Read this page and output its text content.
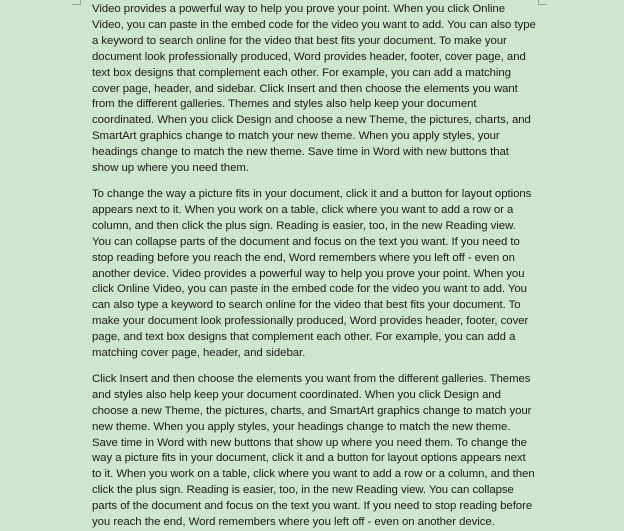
Video provides a powerful way to help you prove your point. When you click Online Video, you can paste in the embed code for the video you want to add. You can also type a keyword to search online for the video that best fits your document. To make your document look professionally produced, Word provides header, footer, cover page, and text box designs that complement each other. For example, you can add a matching cover page, header, and sidebar. Click Insert and then choose the elements you want from the different galleries. Themes and styles also help keep your document coordinated. When you click Design and choose a new Theme, the pictures, charts, and SmartArt graphics change to match your new theme. When you apply styles, your headings change to match the new theme. Save time in Word with new buttons that show up where you need them.

To change the way a picture fits in your document, click it and a button for layout options appears next to it. When you work on a table, click where you want to add a row or a column, and then click the plus sign. Reading is easier, too, in the new Reading view. You can collapse parts of the document and focus on the text you want. If you need to stop reading before you reach the end, Word remembers where you left off - even on another device. Video provides a powerful way to help you prove your point. When you click Online Video, you can paste in the embed code for the video you want to add. You can also type a keyword to search online for the video that best fits your document. To make your document look professionally produced, Word provides header, footer, cover page, and text box designs that complement each other. For example, you can add a matching cover page, header, and sidebar.

Click Insert and then choose the elements you want from the different galleries. Themes and styles also help keep your document coordinated. When you click Design and choose a new Theme, the pictures, charts, and SmartArt graphics change to match your new theme. When you apply styles, your headings change to match the new theme. Save time in Word with new buttons that show up where you need them. To change the way a picture fits in your document, click it and a button for layout options appears next to it. When you work on a table, click where you want to add a row or a column, and then click the plus sign. Reading is easier, too, in the new Reading view. You can collapse parts of the document and focus on the text you want. If you need to stop reading before you reach the end, Word remembers where you left off - even on another device.
